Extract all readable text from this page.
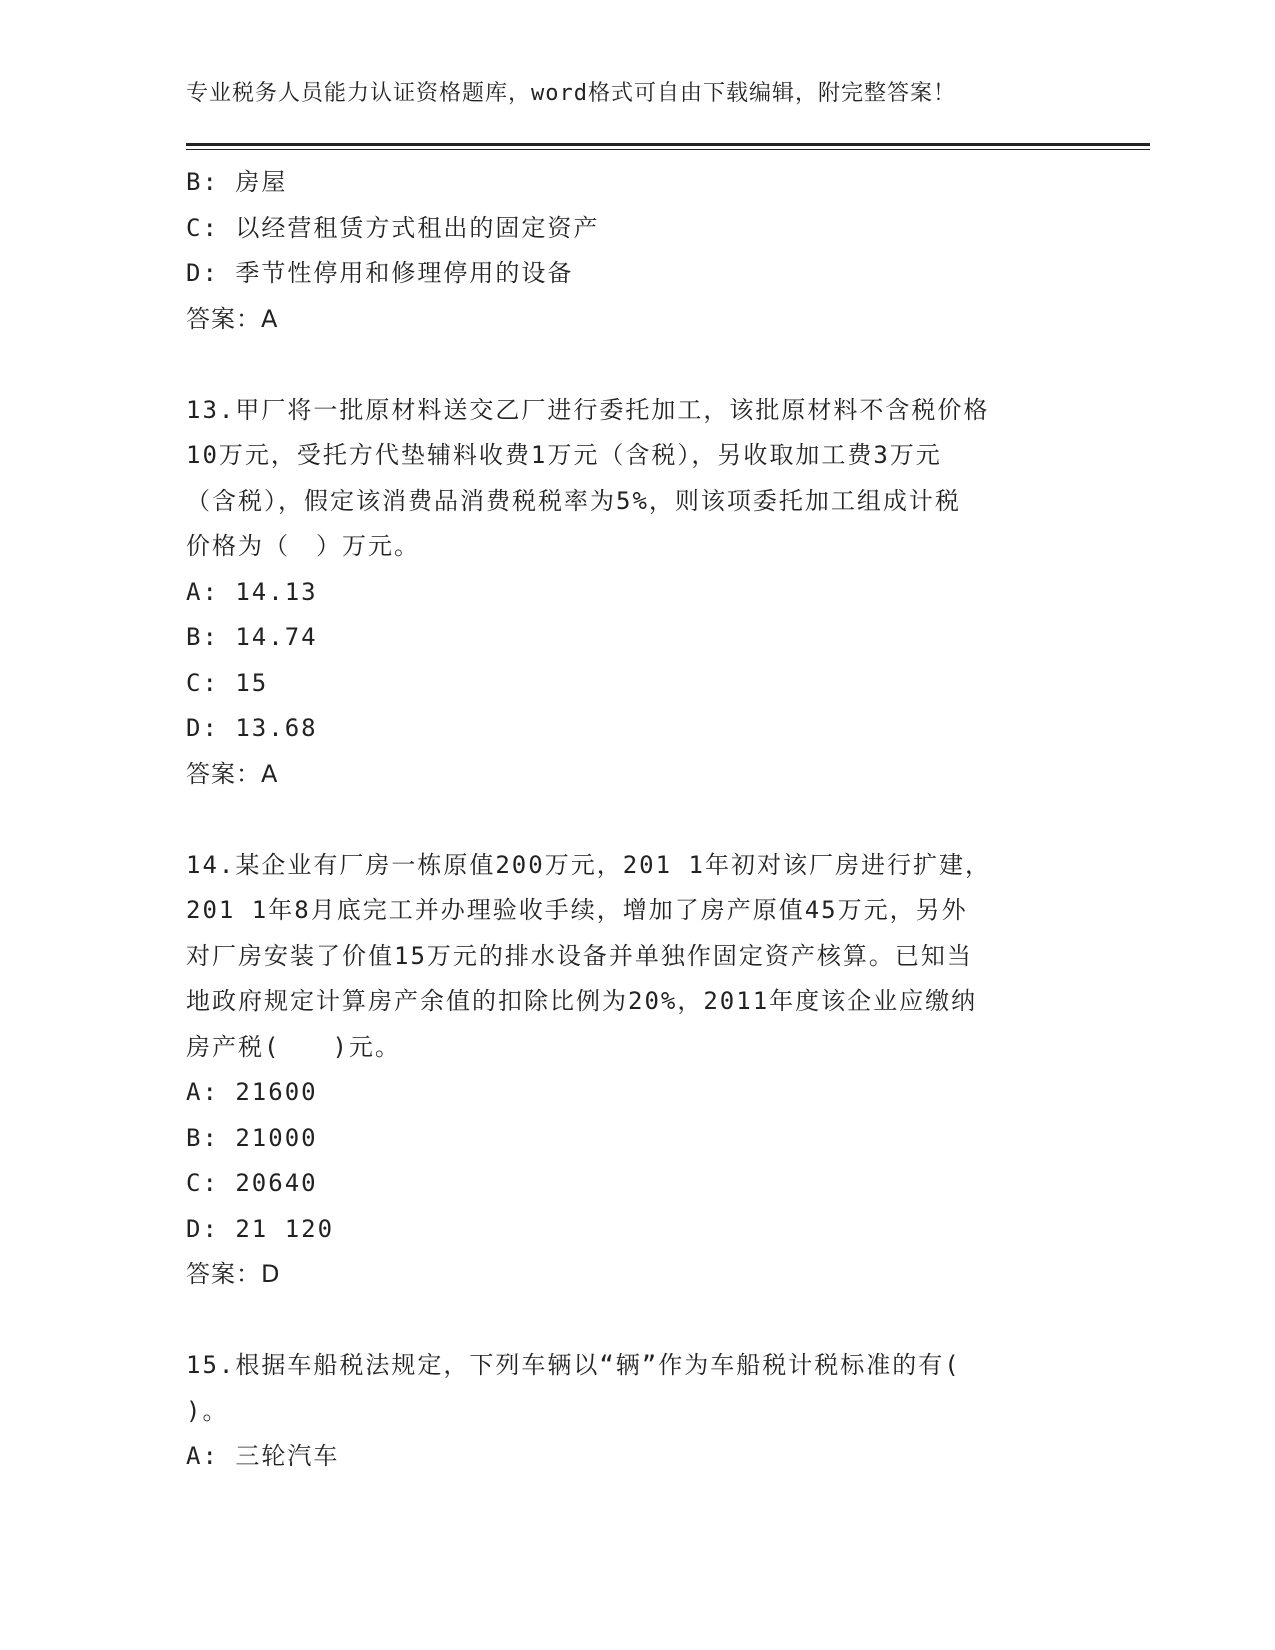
专业税务人员能力认证资格题库，word格式可自由下载编辑，附完整答案！
B: 房屋
C: 以经营租赁方式租出的固定资产
D: 季节性停用和修理停用的设备
答案：A
13.甲厂将一批原材料送交乙厂进行委托加工，该批原材料不含税价格
10万元，受托方代垫辅料收费1万元（含税），另收取加工费3万元
（含税），假定该消费品消费税税率为5%，则该项委托加工组成计税
价格为（　）万元。
A: 14.13
B: 14.74
C: 15
D: 13.68
答案：A
14.某企业有厂房一栋原值200万元，201 1年初对该厂房进行扩建，
201 1年8月底完工并办理验收手续，增加了房产原值45万元，另外
对厂房安装了价值15万元的排水设备并单独作固定资产核算。已知当
地政府规定计算房产余值的扣除比例为20%，2011年度该企业应缴纳
房产税(　　)元。
A: 21600
B: 21000
C: 20640
D: 21 120
答案：D
15.根据车船税法规定，下列车辆以“辆”作为车船税计税标准的有(
)。
A: 三轮汽车
